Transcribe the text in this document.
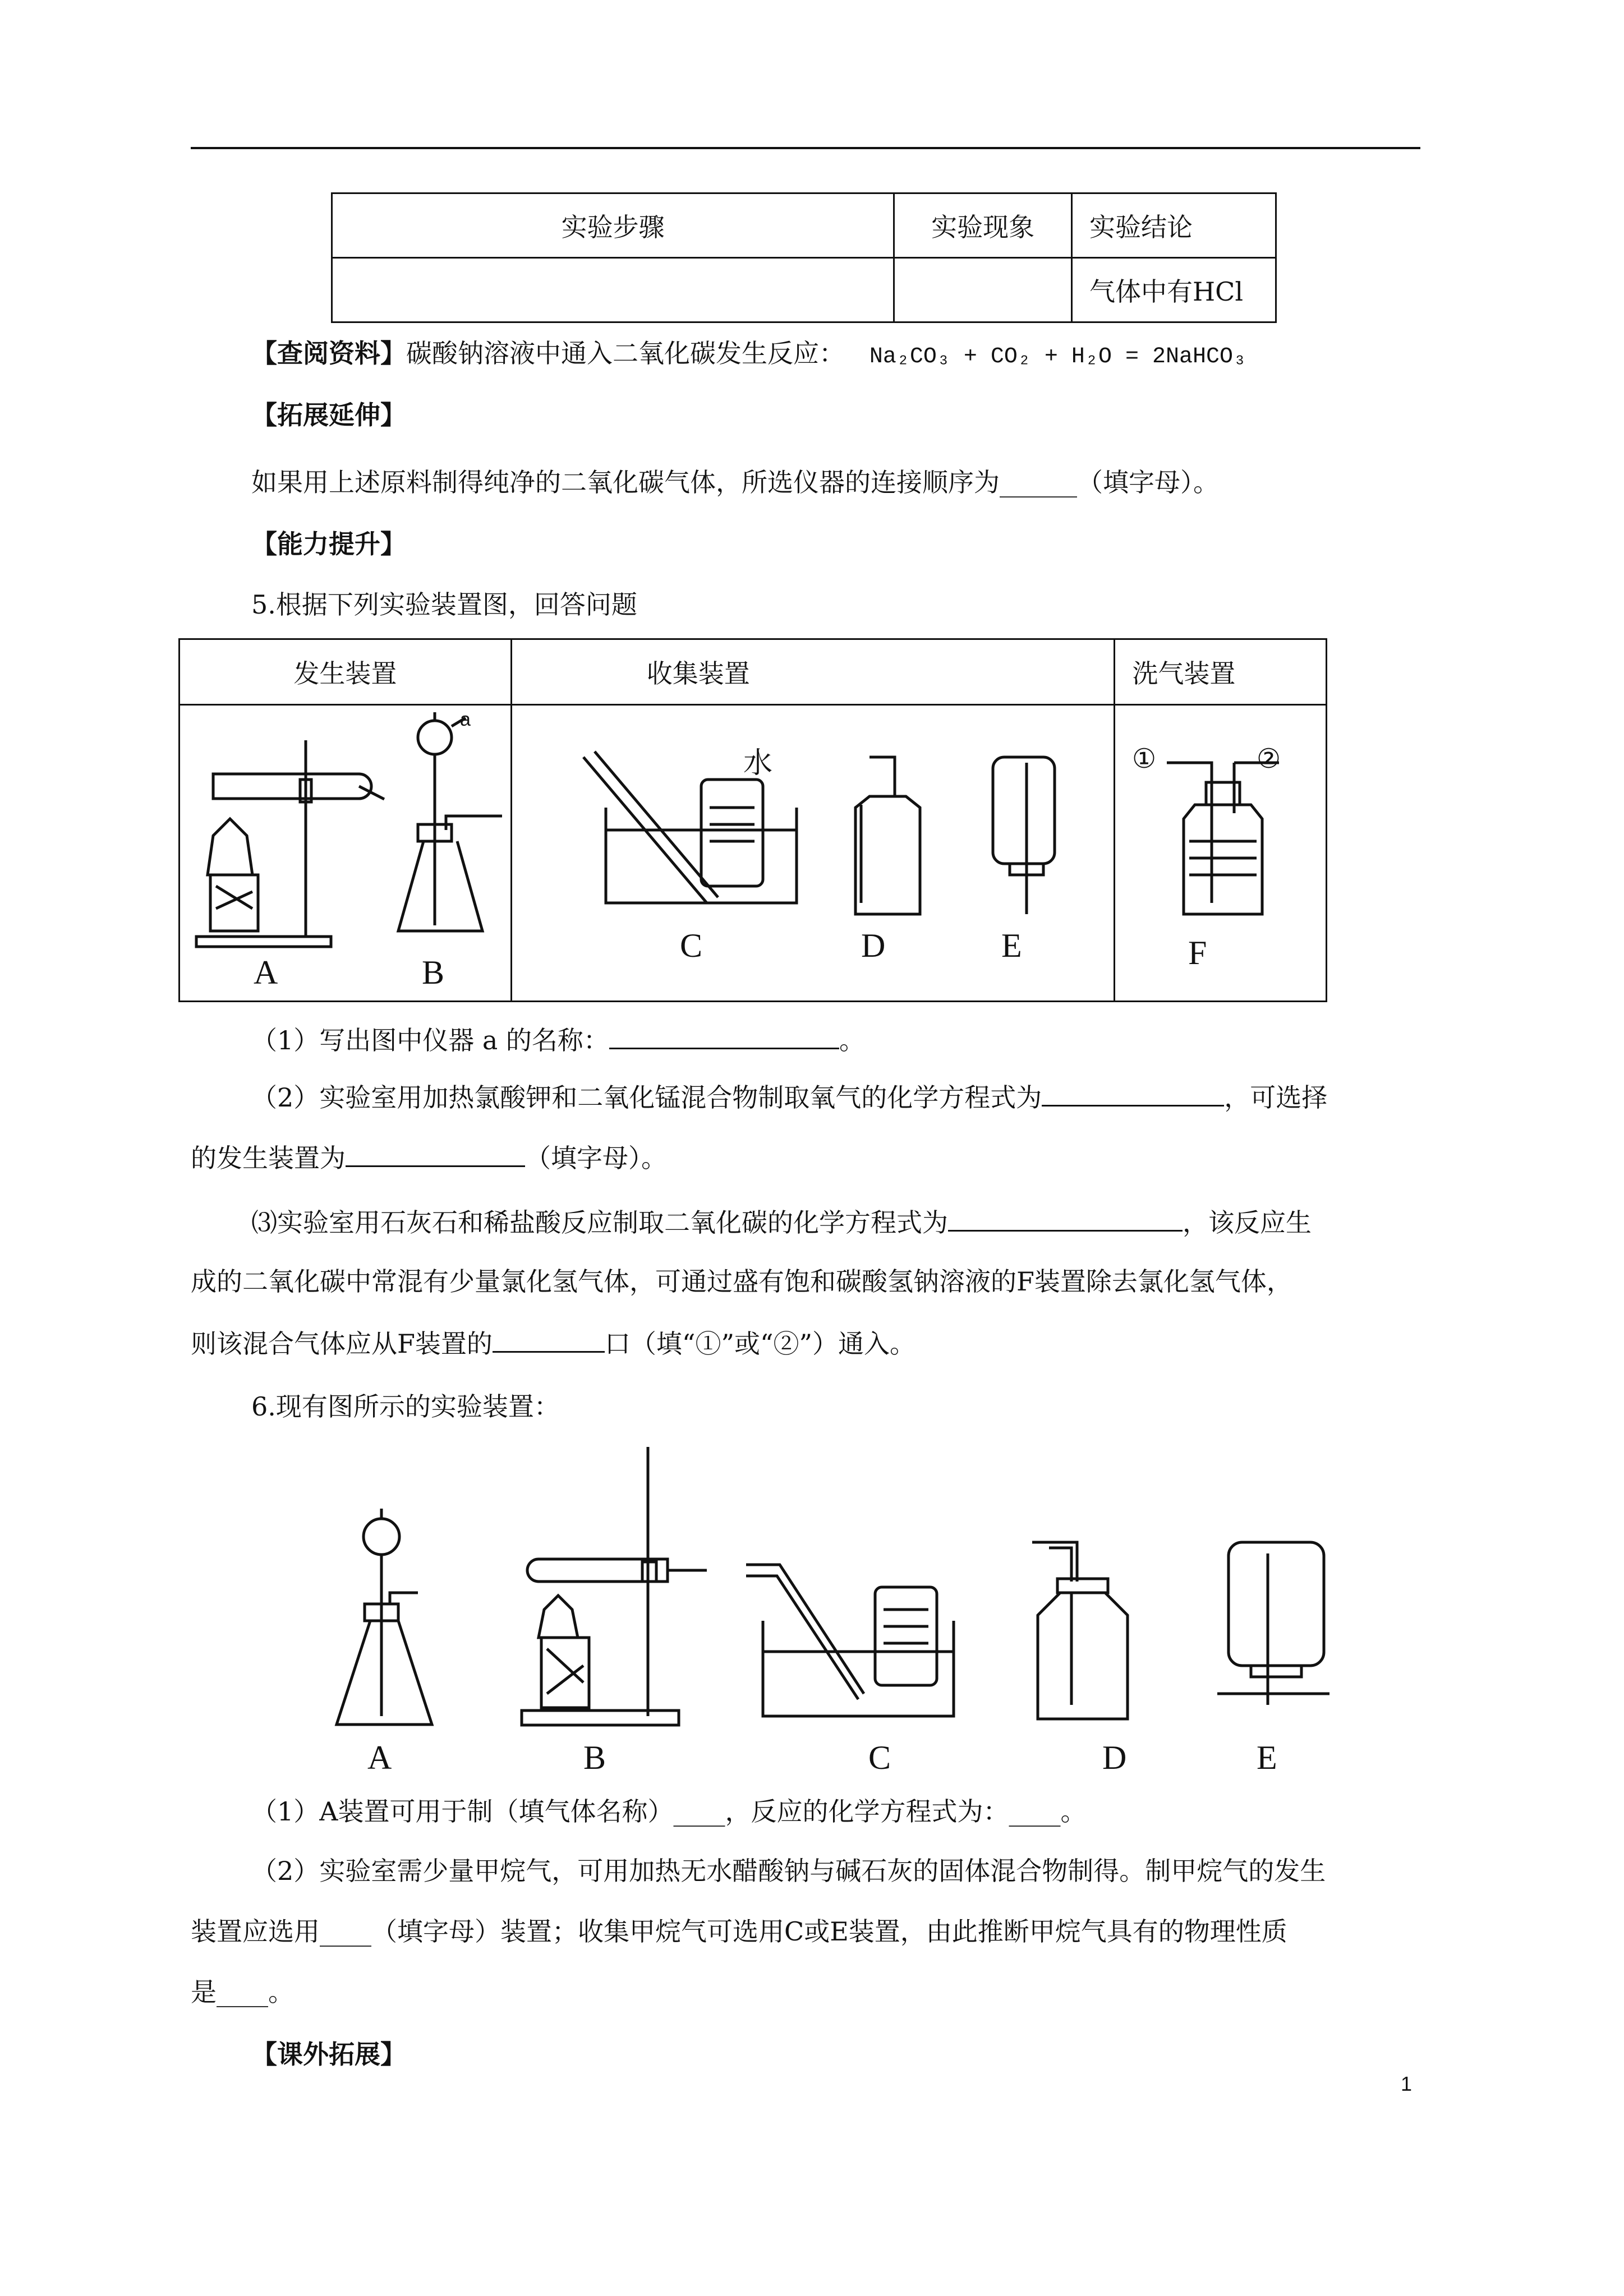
实验步骤	实验现象	实验结论
		气体中有HCl
【查阅资料】碳酸钠溶液中通入二氧化碳发生反应： Na₂CO₃ + CO₂ + H₂O = 2NaHCO₃
【拓展延伸】
如果用上述原料制得纯净的二氧化碳气体，所选仪器的连接顺序为______（填字母）。
【能力提升】
5.根据下列实验装置图，回答问题
发生装置	收集装置	洗气装置

A	B
a
水
C	D	E
①	②
F
（1）写出图中仪器 a 的名称：	。
（2）实验室用加热氯酸钾和二氧化锰混合物制取氧气的化学方程式为	，可选择
的发生装置为	（填字母）。
⑶实验室用石灰石和稀盐酸反应制取二氧化碳的化学方程式为	，该反应生
成的二氧化碳中常混有少量氯化氢气体，可通过盛有饱和碳酸氢钠溶液的F装置除去氯化氢气体，
则该混合气体应从F装置的	口（填“①”或“②”）通入。
6.现有图所示的实验装置：
A	B	C	D	E
（1）A装置可用于制（填气体名称）____，反应的化学方程式为：____。
（2）实验室需少量甲烷气，可用加热无水醋酸钠与碱石灰的固体混合物制得。制甲烷气的发生
装置应选用____（填字母）装置；收集甲烷气可选用C或E装置，由此推断甲烷气具有的物理性质
是____。
【课外拓展】
1
